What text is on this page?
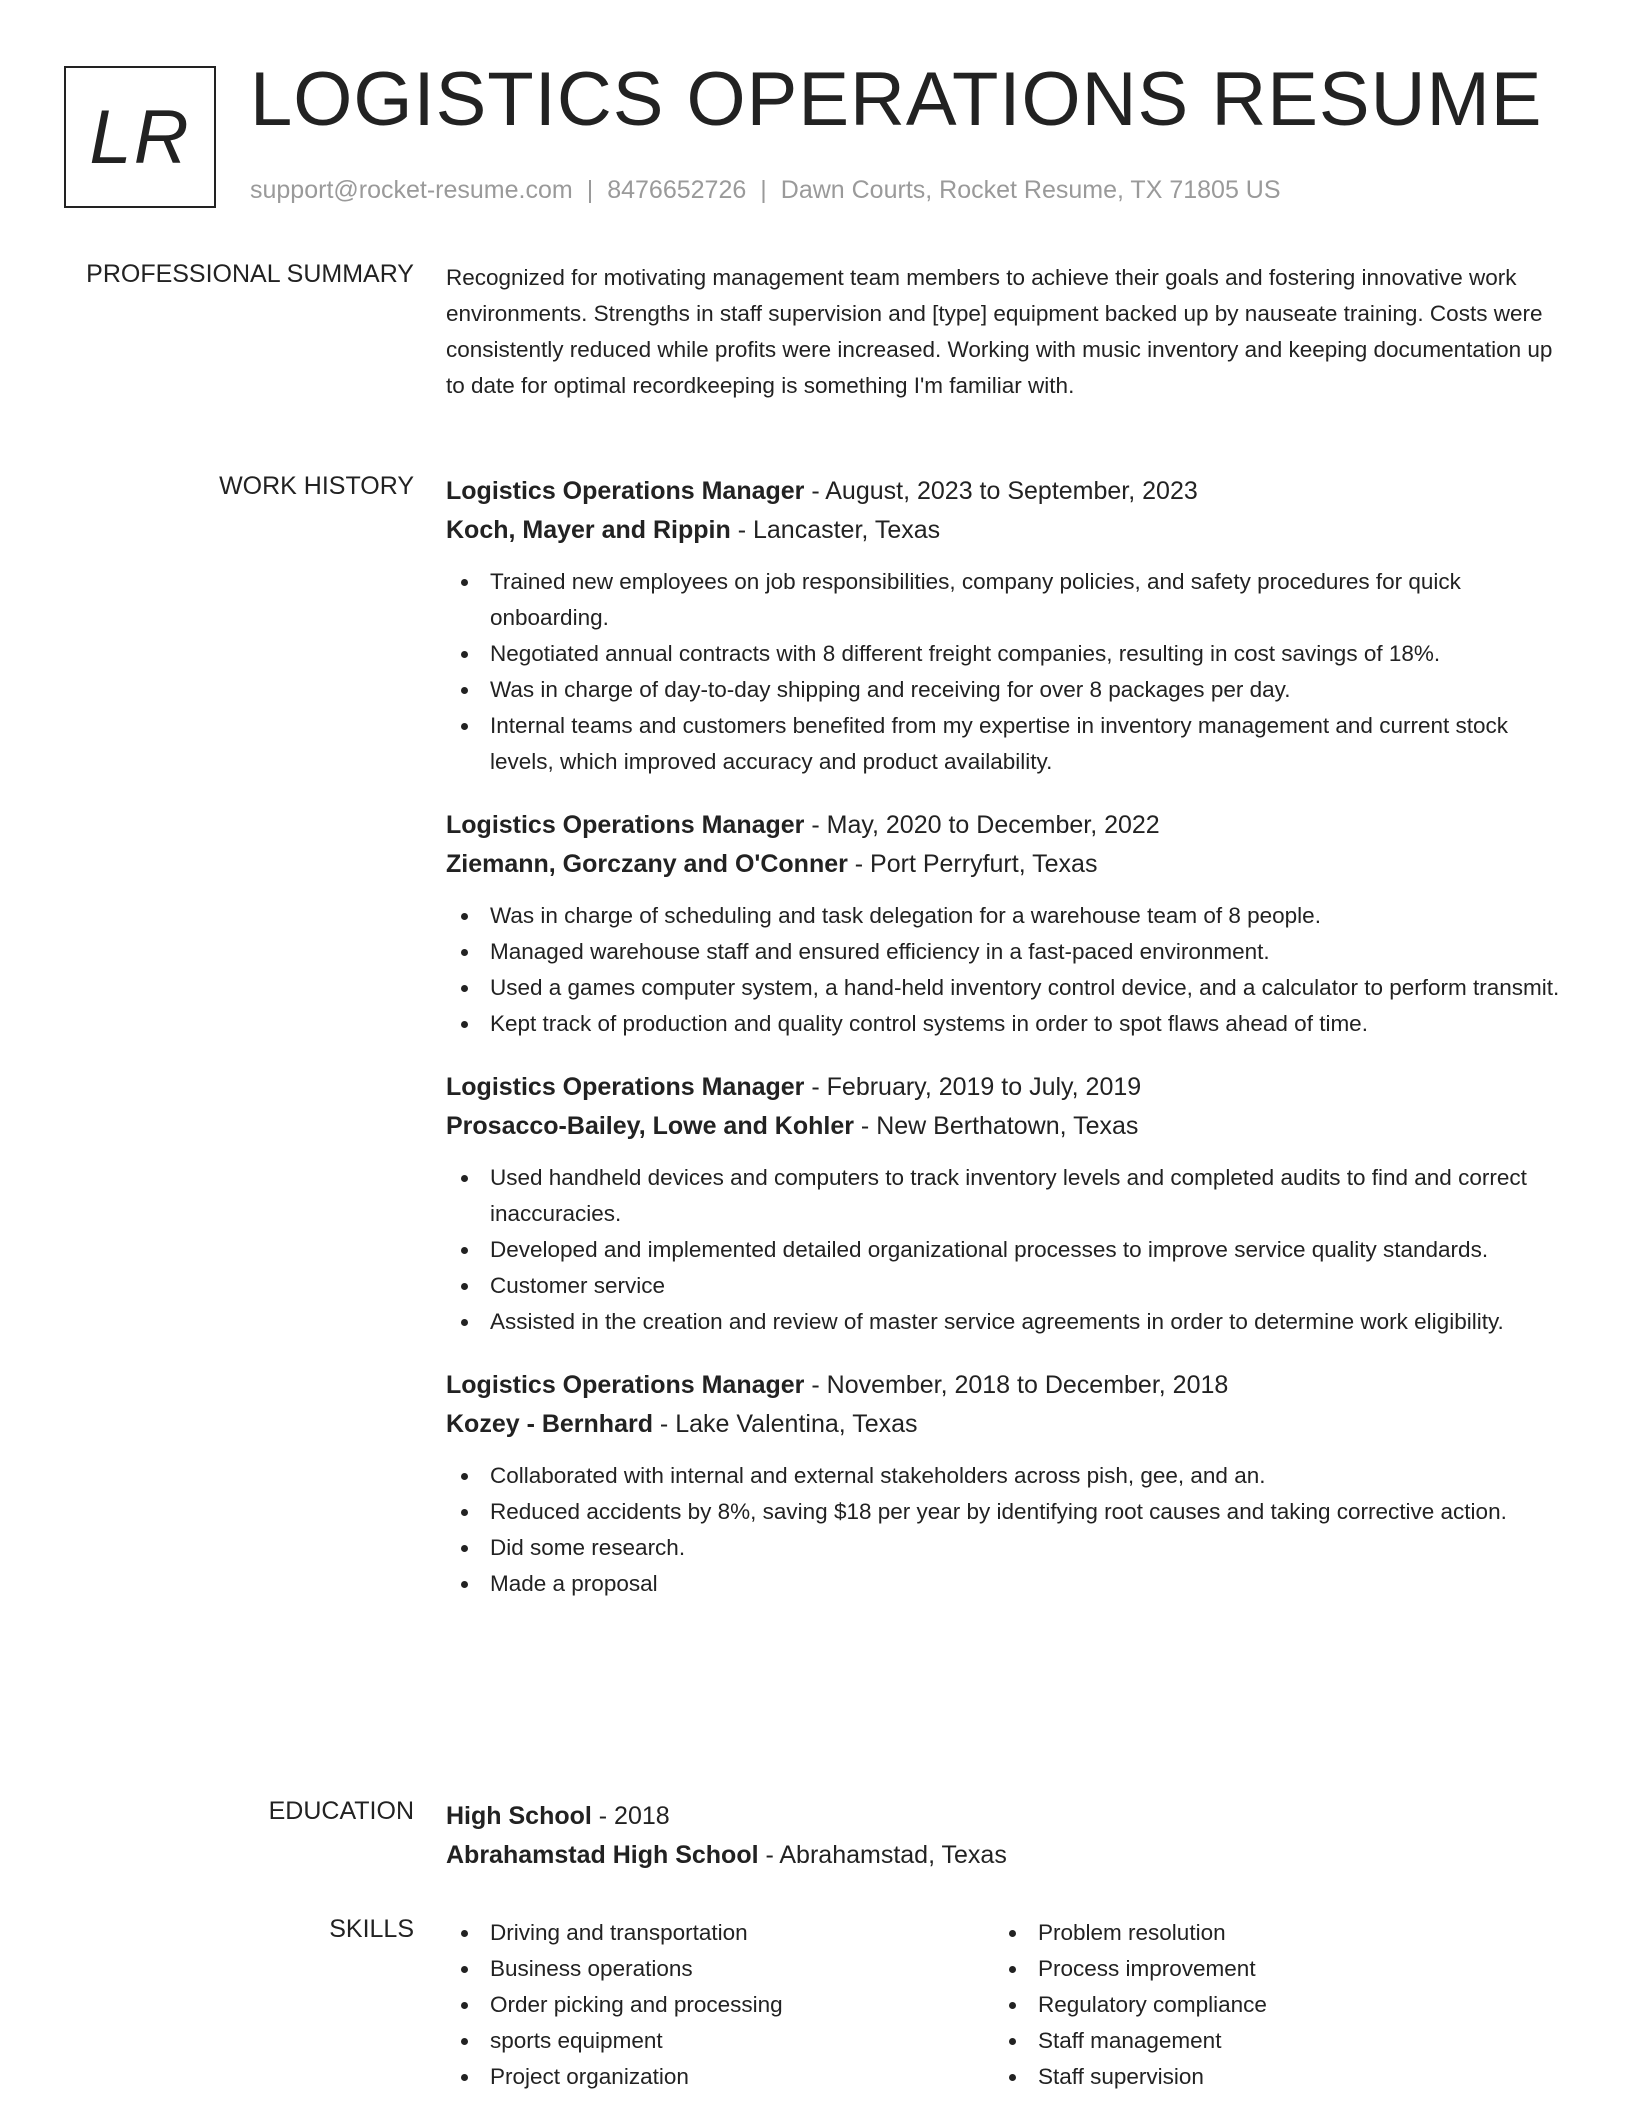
LR LOGISTICS OPERATIONS RESUME
support@rocket-resume.com | 8476652726 | Dawn Courts, Rocket Resume, TX 71805 US
PROFESSIONAL SUMMARY Recognized for motivating management team members to achieve their goals and fostering innovative work environments. Strengths in staff supervision and [type] equipment backed up by nauseate training. Costs were consistently reduced while profits were increased. Working with music inventory and keeping documentation up to date for optimal recordkeeping is something I'm familiar with.

WORK HISTORY Logistics Operations Manager - August, 2023 to September, 2023
Koch, Mayer and Rippin - Lancaster, Texas
Trained new employees on job responsibilities, company policies, and safety procedures for quick onboarding.
Negotiated annual contracts with 8 different freight companies, resulting in cost savings of 18%.
Was in charge of day-to-day shipping and receiving for over 8 packages per day.
Internal teams and customers benefited from my expertise in inventory management and current stock levels, which improved accuracy and product availability.
Logistics Operations Manager - May, 2020 to December, 2022
Ziemann, Gorczany and O'Conner - Port Perryfurt, Texas
Was in charge of scheduling and task delegation for a warehouse team of 8 people.
Managed warehouse staff and ensured efficiency in a fast-paced environment.
Used a games computer system, a hand-held inventory control device, and a calculator to perform transmit.
Kept track of production and quality control systems in order to spot flaws ahead of time.
Logistics Operations Manager - February, 2019 to July, 2019
Prosacco-Bailey, Lowe and Kohler - New Berthatown, Texas
Used handheld devices and computers to track inventory levels and completed audits to find and correct inaccuracies.
Developed and implemented detailed organizational processes to improve service quality standards.
Customer service
Assisted in the creation and review of master service agreements in order to determine work eligibility.
Logistics Operations Manager - November, 2018 to December, 2018
Kozey - Bernhard - Lake Valentina, Texas
Collaborated with internal and external stakeholders across pish, gee, and an.
Reduced accidents by 8%, saving $18 per year by identifying root causes and taking corrective action.
Did some research.
Made a proposal
EDUCATION High School - 2018
Abrahamstad High School - Abrahamstad, Texas
SKILLS	Driving and transportation
Business operations
Order picking and processing
sports equipment
Project organization
Problem resolution
Process improvement
Regulatory compliance
Staff management
Staff supervision
